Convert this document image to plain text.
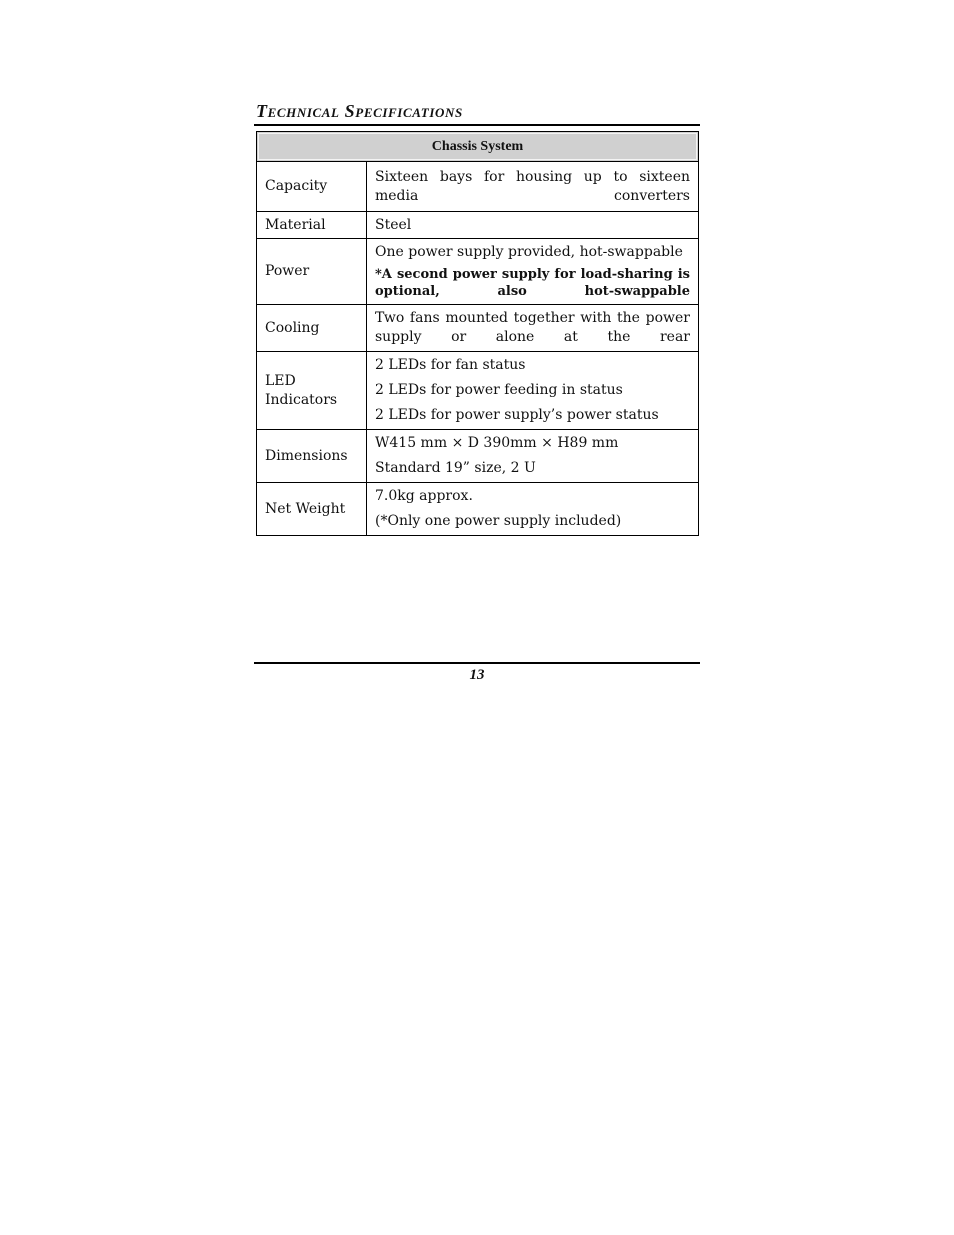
Technical Specifications
Chassis System	

Capacity	Sixteen bays for housing up to sixteen media converters
Material	Steel
Power	One power supply provided, hot-swappable
*A second power supply for load-sharing is optional, also hot-swappable

Cooling	Two fans mounted together with the power supply or alone at the rear
LED Indicators	2 LEDs for fan status
2 LEDs for power feeding in status
2 LEDs for power supply’s power status

Dimensions	W415 mm × D 390mm × H89 mm
Standard 19” size, 2 U

Net Weight	7.0kg approx.
(*Only one power supply included)
13
